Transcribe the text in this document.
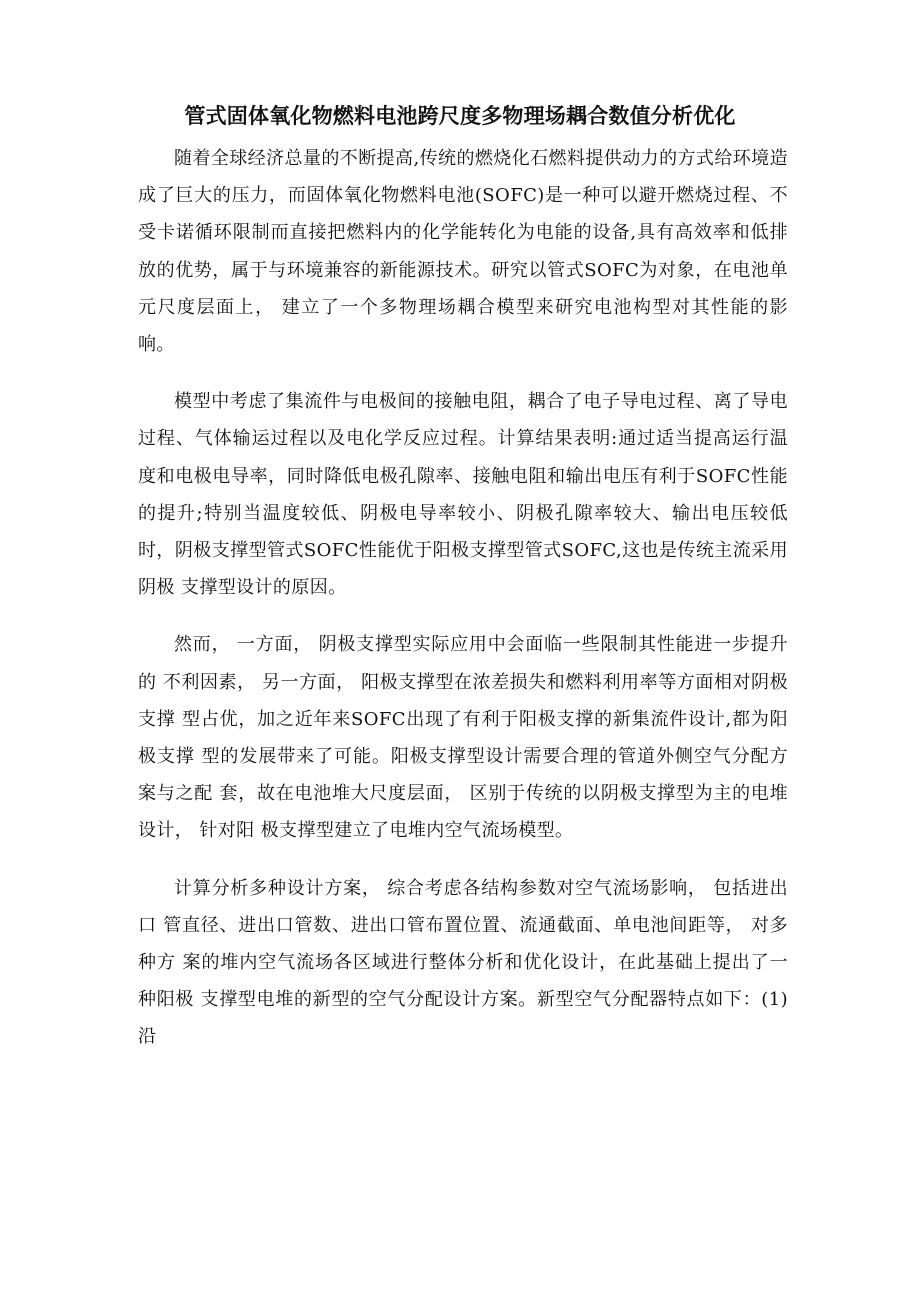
管式固体氧化物燃料电池跨尺度多物理场耦合数值分析优化

随着全球经济总量的不断提高,传统的燃烧化石燃料提供动力的方式给环境造成了巨大的压力，而固体氧化物燃料电池(SOFC)是一种可以避开燃烧过程、不受卡诺循环限制而直接把燃料内的化学能转化为电能的设备,具有高效率和低排放的优势，属于与环境兼容的新能源技术。研究以管式SOFC为对象，在电池单元尺度层面上， 建立了一个多物理场耦合模型来研究电池构型对其性能的影响。

模型中考虑了集流件与电极间的接触电阻，耦合了电子导电过程、离了导电过程、气体输运过程以及电化学反应过程。计算结果表明:通过适当提高运行温度和电极电导率，同时降低电极孔隙率、接触电阻和输出电压有利于SOFC性能的提升;特别当温度较低、阴极电导率较小、阴极孔隙率较大、输出电压较低时，阴极支撑型管式SOFC性能优于阳极支撑型管式SOFC,这也是传统主流采用阴极 支撑型设计的原因。

然而， 一方面， 阴极支撑型实际应用中会面临一些限制其性能进一步提升的 不利因素， 另一方面， 阳极支撑型在浓差损失和燃料利用率等方面相对阴极支撑 型占优，加之近年来SOFC出现了有利于阳极支撑的新集流件设计,都为阳极支撑 型的发展带来了可能。阳极支撑型设计需要合理的管道外侧空气分配方案与之配 套，故在电池堆大尺度层面， 区别于传统的以阴极支撑型为主的电堆设计， 针对阳 极支撑型建立了电堆内空气流场模型。

计算分析多种设计方案， 综合考虑各结构参数对空气流场影响， 包括进出口 管直径、进出口管数、进出口管布置位置、流通截面、单电池间距等， 对多种方 案的堆内空气流场各区域进行整体分析和优化设计，在此基础上提出了一种阳极 支撑型电堆的新型的空气分配设计方案。新型空气分配器特点如下：(1)沿
